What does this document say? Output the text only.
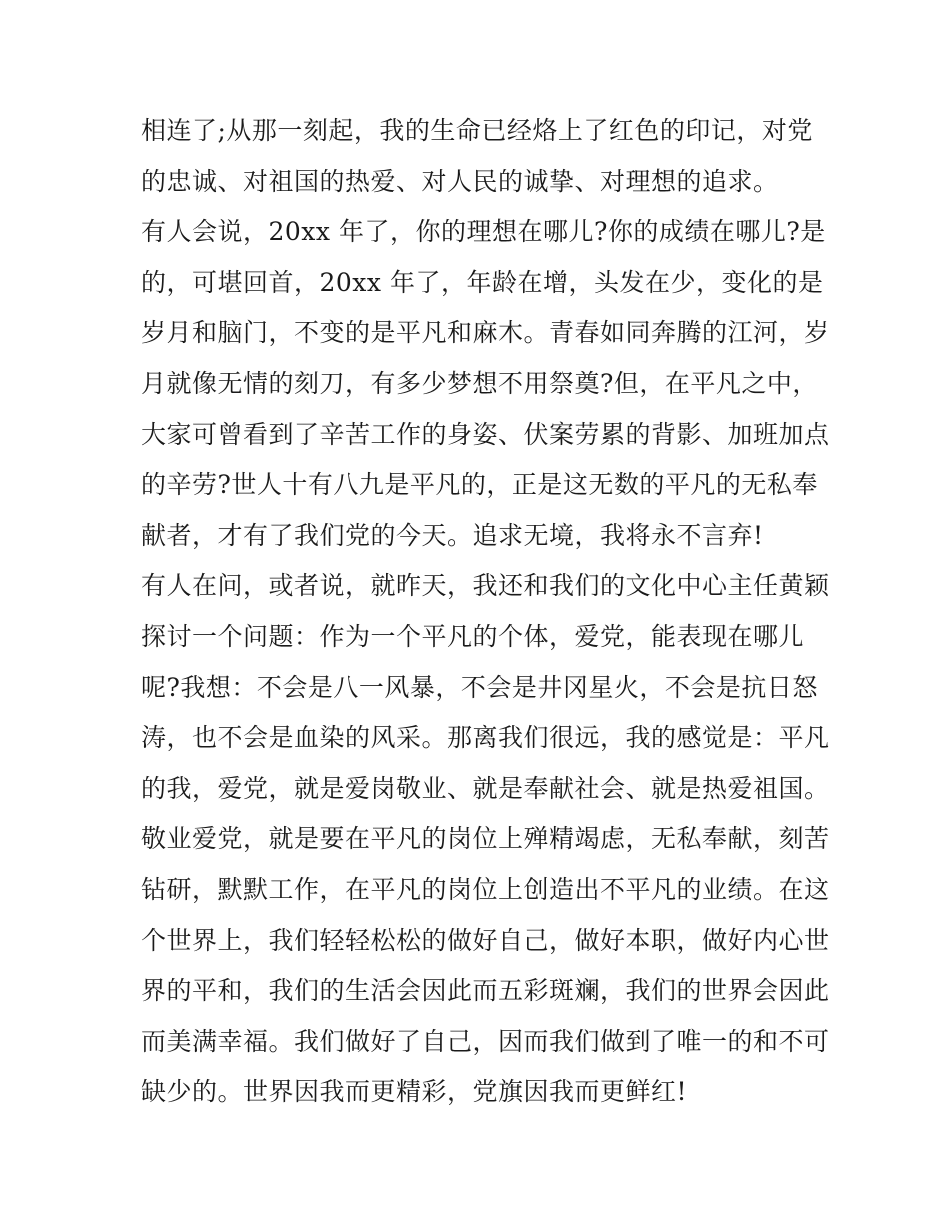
相连了;从那一刻起，我的生命已经烙上了红色的印记，对党
的忠诚、对祖国的热爱、对人民的诚挚、对理想的追求。
有人会说，20xx 年了，你的理想在哪儿?你的成绩在哪儿?是
的，可堪回首，20xx 年了，年龄在增，头发在少，变化的是
岁月和脑门，不变的是平凡和麻木。青春如同奔腾的江河，岁
月就像无情的刻刀，有多少梦想不用祭奠?但，在平凡之中，
大家可曾看到了辛苦工作的身姿、伏案劳累的背影、加班加点
的辛劳?世人十有八九是平凡的，正是这无数的平凡的无私奉
献者，才有了我们党的今天。追求无境，我将永不言弃!
有人在问，或者说，就昨天，我还和我们的文化中心主任黄颖
探讨一个问题：作为一个平凡的个体，爱党，能表现在哪儿
呢?我想：不会是八一风暴，不会是井冈星火，不会是抗日怒
涛，也不会是血染的风采。那离我们很远，我的感觉是：平凡
的我，爱党，就是爱岗敬业、就是奉献社会、就是热爱祖国。
敬业爱党，就是要在平凡的岗位上殚精竭虑，无私奉献，刻苦
钻研，默默工作，在平凡的岗位上创造出不平凡的业绩。在这
个世界上，我们轻轻松松的做好自己，做好本职，做好内心世
界的平和，我们的生活会因此而五彩斑斓，我们的世界会因此
而美满幸福。我们做好了自己，因而我们做到了唯一的和不可
缺少的。世界因我而更精彩，党旗因我而更鲜红!
